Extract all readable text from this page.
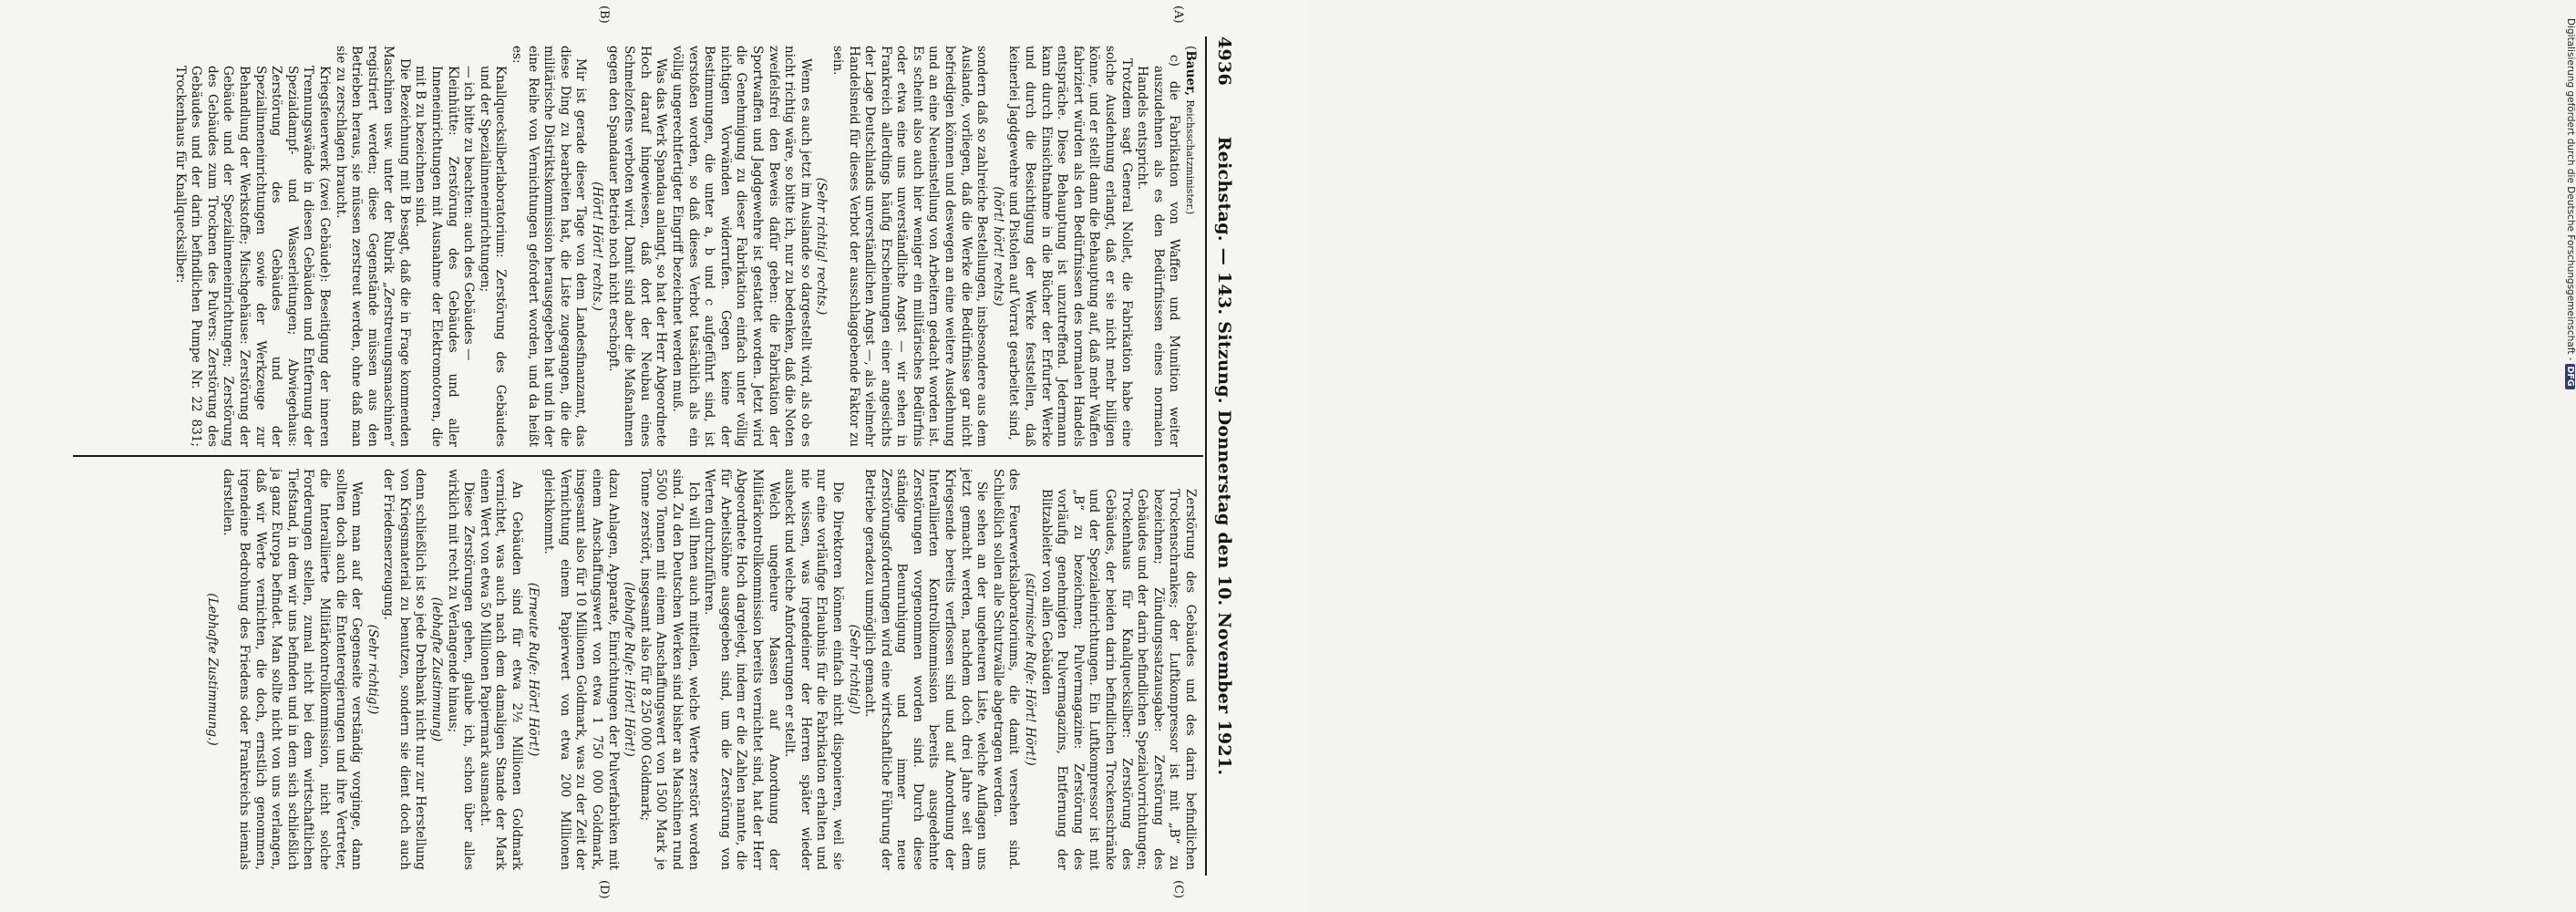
4936
Reichstag. — 143. Sitzung. Donnerstag den 10. November 1921.
(A)
(B)
(C)
(D)

(Bauer, Reichsschatzminister.)

c) die Fabrikation von Waffen und Munition weiter auszudehnen als es den Bedürfnissen eines normalen Handels entspricht.

Trotzdem sagt General Nollet, die Fabrikation habe eine solche Ausdehnung erlangt, daß er sie nicht mehr billigen könne, und er stellt dann die Behauptung auf, daß mehr Waffen fabriziert würden als den Bedürfnissen des normalen Handels entspräche. Diese Behauptung ist unzutreffend. Jedermann kann durch Einsichtnahme in die Bücher der Erfurter Werke und durch die Besichtigung der Werke feststellen, daß keinerlei Jagdgewehre und Pistolen auf Vorrat gearbeitet sind,

(hört! hört! rechts)

sondern daß so zahlreiche Bestellungen, insbesondere aus dem Auslande, vorliegen, daß die Werke die Bedürfnisse gar nicht befriedigen können und deswegen an eine weitere Ausdehnung und an eine Neueinstellung von Arbeitern gedacht worden ist. Es scheint also auch hier weniger ein militärisches Bedürfnis oder etwa eine uns unverständliche Angst — wir sehen in Frankreich allerdings häufig Erscheinungen einer angesichts der Lage Deutschlands unverständlichen Angst —, als vielmehr Handelsneid für dieses Verbot der ausschlaggebende Faktor zu sein.

(Sehr richtig! rechts.)

Wenn es auch jetzt im Auslande so dargestellt wird, als ob es nicht richtig wäre, so bitte ich, nur zu bedenken, daß die Noten zweifelsfrei den Beweis dafür geben: die Fabrikation der Sportwaffen und Jagdgewehre ist gestattet worden. Jetzt wird die Genehmigung zu dieser Fabrikation einfach unter völlig nichtigen Vorwänden widerrufen. Gegen keine der Bestimmungen, die unter a, b und c aufgeführt sind, ist verstoßen worden, so daß dieses Verbot tatsächlich als ein völlig ungerechtfertigter Eingriff bezeichnet werden muß.

Was das Werk Spandau anlangt, so hat der Herr Abgeordnete Hoch darauf hingewiesen, daß dort der Neubau eines Schmelzofens verboten wird. Damit sind aber die Maßnahmen gegen den Spandauer Betrieb noch nicht erschöpft.

(Hört! Hört! rechts.)

Mir ist gerade dieser Tage von dem Landesfinanzamt, das diese Ding zu bearbeiten hat, die Liste zugegangen, die die militärische Distriktskommission herausgegeben hat und in der eine Reihe von Vernichtungen gefordert worden, und da heißt es:

Knallquecksilberlaboratorium: Zerstörung des Gebäudes und der Spezialinneneinrichtungen;

— ich bitte zu beachten: auch des Gebäudes —

Kleinhütte: Zerstörung des Gebäudes und aller Inneneinrichtungen mit Ausnahme der Elektromotoren, die mit B zu bezeichnen sind.

Die Bezeichnung mit B besagt, daß die in Frage kommenden Maschinen usw. unter der Rubrik „Zerstreuungsmaschinen“ registriert werden; diese Gegenstände müssen aus den Betrieben heraus, sie müssen zerstreut werden, ohne daß man sie zu zerschlagen braucht.

Kriegsfeuerwerk (zwei Gebäude): Beseitigung der inneren Trennungswände in diesen Gebäuden und Entfernung der Spezialdampf- und Wasserleitungen; Abwiegehaus: Zerstörung des Gebäudes und der Spezialinneneinrichtungen sowie der Werkzeuge zur Behandlung der Werkstoffe; Mischgehäuse: Zerstörung der Gebäude und der Spezialinneneinrichtungen; Zerstörung des Gebäudes zum Trocknen des Pulvers: Zerstörung des Gebäudes und der darin befindlichen Pumpe Nr. 22 831; Trockenhaus für Knallquecksilber:

Zerstörung des Gebäudes und des darin befindlichen Trockenschrankes; der Luftkompressor ist mit „B“ zu bezeichnen; Zündungssatzausgabe: Zerstörung des Gebäudes und der darin befindlichen Spezialvorrichtungen; Trockenhaus für Knallquecksilber: Zerstörung des Gebäudes, der beiden darin befindlichen Trockenschränke und der Spezialeinrichtungen. Ein Luftkompressor ist mit „B“ zu bezeichnen; Pulvermagazine: Zerstörung des vorläufig genehmigten Pulvermagazins, Entfernung der Blitzableiter von allen Gebäuden

(stürmische Rufe: Hört! Hört!)

des Feuerwerkslaboratoriums, die damit versehen sind. Schließlich sollen alle Schutzwälle abgetragen werden.

Sie sehen an der ungeheuren Liste, welche Auflagen uns jetzt gemacht werden, nachdem doch drei Jahre seit dem Kriegsende bereits verflossen sind und auf Anordnung der Interalliierten Kontrollkommission bereits ausgedehnte Zerstörungen vorgenommen worden sind. Durch diese ständige Beunruhigung und immer neue Zerstörungsforderungen wird eine wirtschaftliche Führung der Betriebe geradezu unmöglich gemacht.

(Sehr richtig!)

Die Direktoren können einfach nicht disponieren, weil sie nur eine vorläufige Erlaubnis für die Fabrikation erhalten und nie wissen, was irgendeiner der Herren später wieder ausheckt und welche Anforderungen er stellt.

Welch ungeheure Massen auf Anordnung der Militärkontrollkommission bereits vernichtet sind, hat der Herr Abgeordnete Hoch dargelegt, indem er die Zahlen nannte, die für Arbeitslöhne ausgegeben sind, um die Zerstörung von Werten durchzuführen.

Ich will Ihnen auch mitteilen, welche Werte zerstört worden sind. Zu den Deutschen Werken sind bisher an Maschinen rund 5500 Tonnen mit einem Anschaffungswert von 1500 Mark je Tonne zerstört, insgesamt also für 8 250 000 Goldmark;

(lebhafte Rufe: Hört! Hört!)

dazu Anlagen, Apparate, Einrichtungen der Pulverfabriken mit einem Anschaffungswert von etwa 1 750 000 Goldmark, insgesamt also für 10 Millionen Goldmark, was zu der Zeit der Vernichtung einem Papierwert von etwa 200 Millionen gleichkommt.

(Erneute Rufe: Hört! Hört!)

An Gebäuden sind für etwa 2½ Millionen Goldmark vernichtet, was auch nach dem damaligen Stande der Mark einen Wert von etwa 50 Millionen Papiermark ausmacht.

Diese Zerstörungen gehen, glaube ich, schon über alles wirklich mit recht zu Verlangende hinaus;

(lebhafte Zustimmung)

denn schließlich ist so jede Drehbank nicht nur zur Herstellung von Kriegsmaterial zu benutzen, sondern sie dient doch auch der Friedenserzeugung.

(Sehr richtig!)

Wenn man auf der Gegenseite verständig vorginge, dann sollten doch auch die Ententeregierungen und ihre Vertreter, die Interalliierte Militärkontrollkommission, nicht solche Forderungen stellen, zumal nicht bei dem wirtschaftlichen Tiefstand, in dem wir uns befinden und in dem sich schließlich ja ganz Europa befindet. Man sollte nicht von uns verlangen, daß wir Werte vernichten, die doch, ernstlich genommen, irgendeine Bedrohung des Friedens oder Frankreichs niemals darstellen.

(Lebhafte Zustimmung.)

Digitalisierung gefördert durch die Deutsche Forschungsgemeinschaft -DFG
